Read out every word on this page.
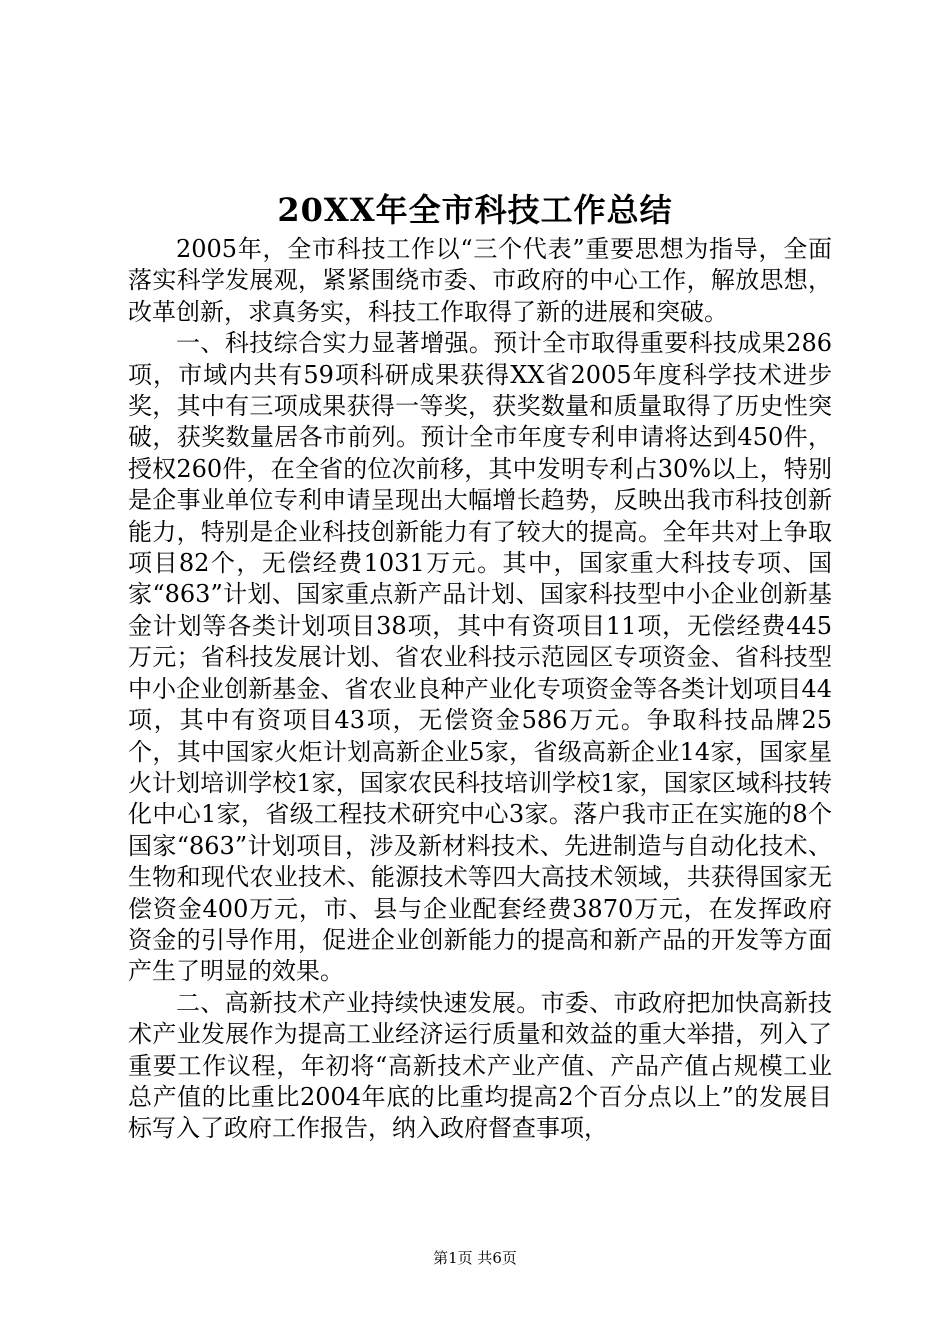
20XX年全市科技工作总结

2005年，全市科技工作以“三个代表”重要思想为指导，全面落实科学发展观，紧紧围绕市委、市政府的中心工作，解放思想，改革创新，求真务实，科技工作取得了新的进展和突破。

一、科技综合实力显著增强。预计全市取得重要科技成果286项，市域内共有59项科研成果获得XX省2005年度科学技术进步奖，其中有三项成果获得一等奖，获奖数量和质量取得了历史性突破，获奖数量居各市前列。预计全市年度专利申请将达到450件，授权260件，在全省的位次前移，其中发明专利占30%以上，特别是企事业单位专利申请呈现出大幅增长趋势，反映出我市科技创新能力，特别是企业科技创新能力有了较大的提高。全年共对上争取项目82个，无偿经费1031万元。其中，国家重大科技专项、国家“863”计划、国家重点新产品计划、国家科技型中小企业创新基金计划等各类计划项目38项，其中有资项目11项，无偿经费445万元；省科技发展计划、省农业科技示范园区专项资金、省科技型中小企业创新基金、省农业良种产业化专项资金等各类计划项目44项，其中有资项目43项，无偿资金586万元。争取科技品牌25个，其中国家火炬计划高新企业5家，省级高新企业14家，国家星火计划培训学校1家，国家农民科技培训学校1家，国家区域科技转化中心1家，省级工程技术研究中心3家。落户我市正在实施的8个国家“863”计划项目，涉及新材料技术、先进制造与自动化技术、生物和现代农业技术、能源技术等四大高技术领域，共获得国家无偿资金400万元，市、县与企业配套经费3870万元，在发挥政府资金的引导作用，促进企业创新能力的提高和新产品的开发等方面产生了明显的效果。

二、高新技术产业持续快速发展。市委、市政府把加快高新技术产业发展作为提高工业经济运行质量和效益的重大举措，列入了重要工作议程，年初将“高新技术产业产值、产品产值占规模工业总产值的比重比2004年底的比重均提高2个百分点以上”的发展目标写入了政府工作报告，纳入政府督查事项，

第1页 共6页
